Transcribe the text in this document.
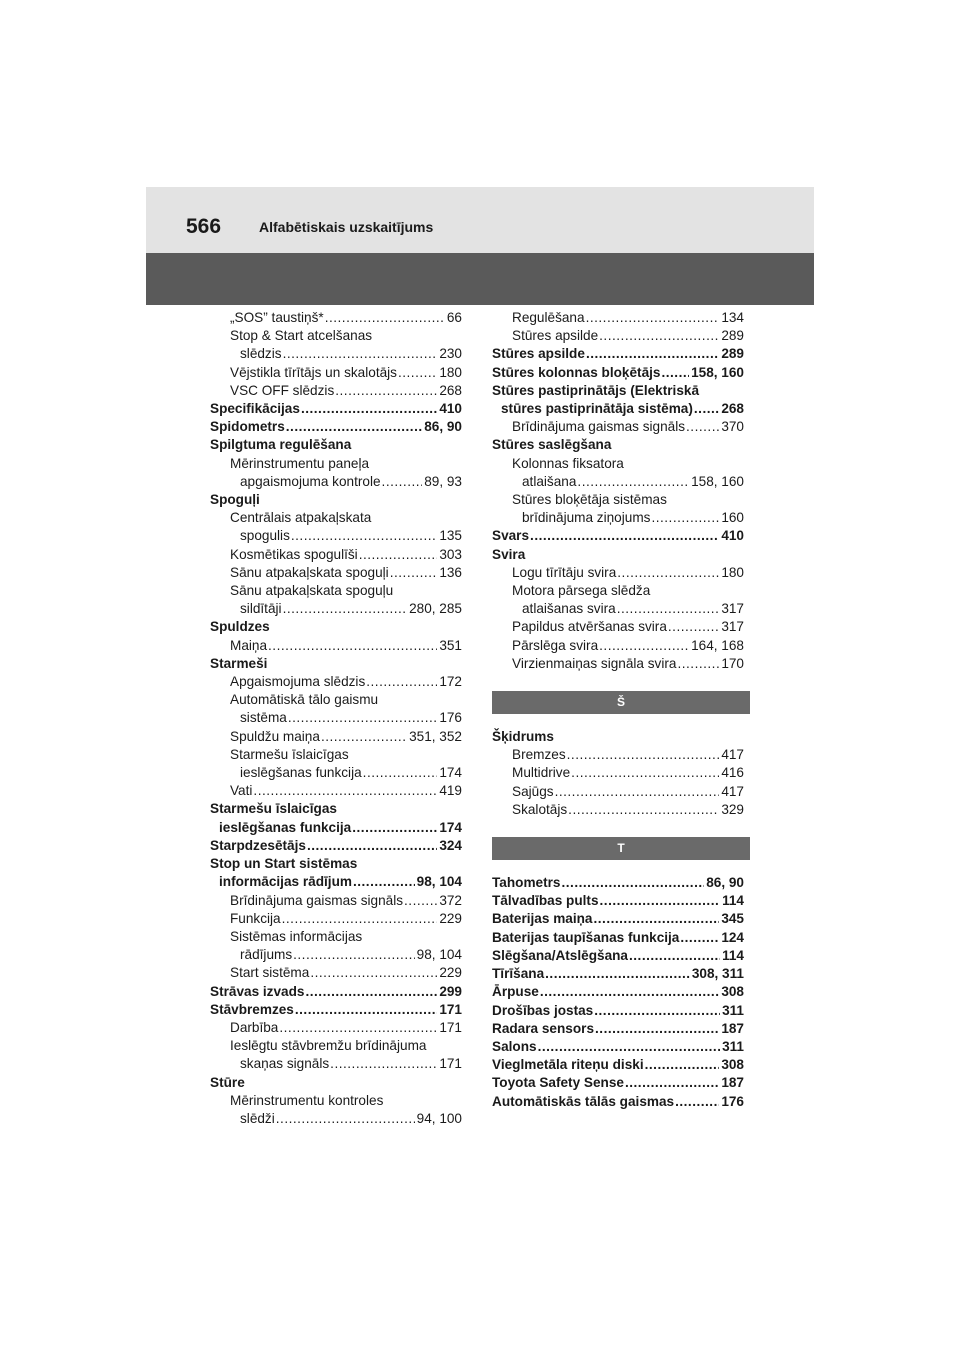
566	Alfabētiskais uzskaitījums
„SOS” taustiņš* .....	66
Stop & Start atcelšanas
slēdzis .....	230
Vējstikla tīrītājs un skalotājs .....	180
VSC OFF slēdzis .....	268
Specifikācijas .....	410
Spidometrs .....	86, 90
Spilgtuma regulēšana
Mērinstrumentu paneļa
apgaismojuma kontrole .....	89, 93
Spoguļi
Centrālais atpakaļskata
spogulis .....	135
Kosmētikas spogulīši .....	303
Sānu atpakaļskata spoguļi .....	136
Sānu atpakaļskata spoguļu
sildītāji .....	280, 285
Spuldzes
Maiņa .....	351
Starmeši
Apgaismojuma slēdzis .....	172
Automātiskā tālo gaismu
sistēma .....	176
Spuldžu maiņa .....	351, 352
Starmešu īslaicīgas
ieslēgšanas funkcija .....	174
Vati .....	419
Starmešu īslaicīgas
ieslēgšanas funkcija .....	174
Starpdzesētājs .....	324
Stop un Start sistēmas
informācijas rādījum .....	98, 104
Brīdinājuma gaismas signāls .....	372
Funkcija .....	229
Sistēmas informācijas
rādījums .....	98, 104
Start sistēma .....	229
Strāvas izvads .....	299
Stāvbremzes .....	171
Darbība .....	171
Ieslēgtu stāvbremžu brīdinājuma
skaņas signāls .....	171
Stūre
Mērinstrumentu kontroles
slēdži .....	94, 100
Regulēšana .....	134
Stūres apsilde .....	289
Stūres apsilde .....	289
Stūres kolonnas bloķētājs ..... 158, 160
Stūres pastiprinātājs (Elektriskā
stūres pastiprinātāja sistēma) ..... 268
Brīdinājuma gaismas signāls .....	370
Stūres saslēgšana
Kolonnas fiksatora
atlaišana .....	158, 160
Stūres bloķētāja sistēmas
brīdinājuma ziņojums .....	160
Svars .....	410
Svira
Logu tīrītāju svira .....	180
Motora pārsega slēdža
atlaišanas svira .....	317
Papildus atvēršanas svira .....	317
Pārslēga svira .....	164, 168
Virzienmaiņas signāla svira .....	170
Š
Šķidrums
Bremzes .....	417
Multidrive .....	416
Sajūgs .....	417
Skalotājs .....	329
T
Tahometrs .....	86, 90
Tālvadības pults .....	114
Baterijas maiņa .....	345
Baterijas taupīšanas funkcija .....	124
Slēgšana/Atslēgšana .....	114
Tīrīšana .....	308, 311
Ārpuse .....	308
Drošības jostas .....	311
Radara sensors .....	187
Salons .....	311
Vieglmetāla riteņu diski .....	308
Toyota Safety Sense .....	187
Automātiskās tālās gaismas .....	176
